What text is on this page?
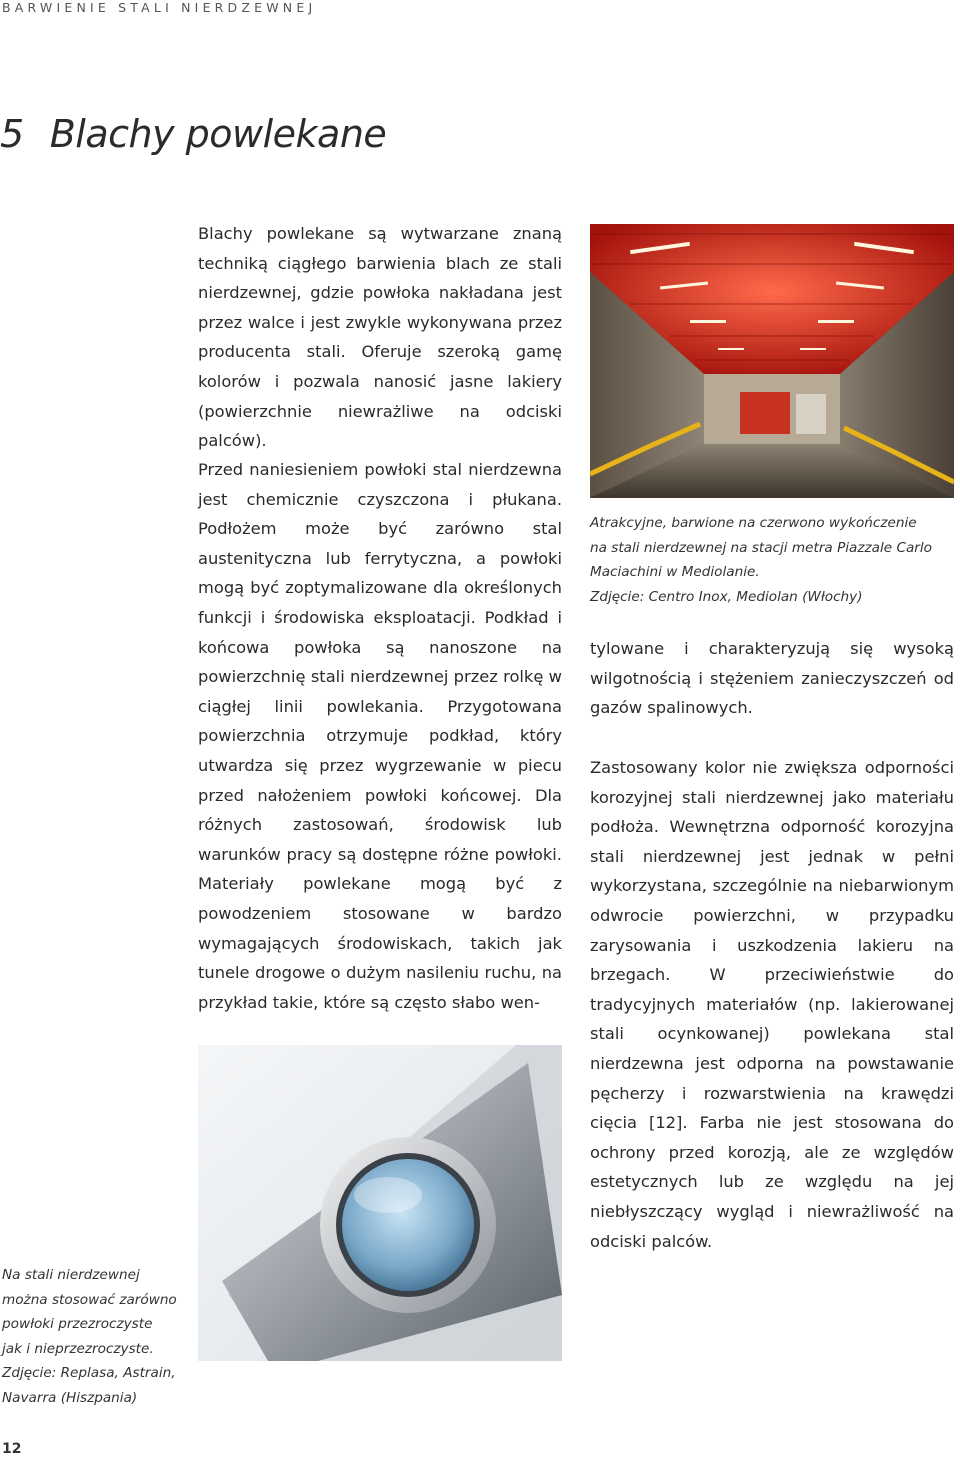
BARWIENIE STALI NIERDZEWNEJ
5 Blachy powlekane

Blachy powlekane są wytwarzane znaną techniką ciągłego barwienia blach ze stali nierdzewnej, gdzie powłoka nakładana jest przez walce i jest zwykle wykonywana przez producenta stali. Oferuje szeroką gamę kolorów i pozwala nanosić jasne lakiery (powierzchnie niewrażliwe na odciski palców).

Przed naniesieniem powłoki stal nierdzewna jest chemicznie czyszczona i płukana. Podłożem może być zarówno stal austenityczna lub ferrytyczna, a powłoki mogą być zoptymalizowane dla określonych funkcji i środowiska eksploatacji. Podkład i końcowa powłoka są nanoszone na powierzchnię stali nierdzewnej przez rolkę w ciągłej linii powlekania. Przygotowana powierzchnia otrzymuje podkład, który utwardza się przez wygrzewanie w piecu przed nałożeniem powłoki końcowej. Dla różnych zastosowań, środowisk lub warunków pracy są dostępne różne powłoki. Materiały powlekane mogą być z powodzeniem stosowane w bardzo wymagających środowiskach, takich jak tunele drogowe o dużym nasileniu ruchu, na przykład takie, które są często słabo wen-

Atrakcyjne, barwione na czerwono wykończenie
na stali nierdzewnej na stacji metra Piazzale Carlo
Maciachini w Mediolanie.
Zdjęcie: Centro Inox, Mediolan (Włochy)

tylowane i charakteryzują się wysoką wilgotnością i stężeniem zanieczyszczeń od gazów spalinowych.

Zastosowany kolor nie zwiększa odporności korozyjnej stali nierdzewnej jako materiału podłoża. Wewnętrzna odporność korozyjna stali nierdzewnej jest jednak w pełni wykorzystana, szczególnie na niebarwionym odwrocie powierzchni, w przypadku zarysowania i uszkodzenia lakieru na brzegach. W przeciwieństwie do tradycyjnych materiałów (np. lakierowanej stali ocynkowanej) powlekana stal nierdzewna jest odporna na powstawanie pęcherzy i rozwarstwienia na krawędzi cięcia [12]. Farba nie jest stosowana do ochrony przed korozją, ale ze względów estetycznych lub ze względu na jej niebłyszczący wygląd i niewrażliwość na odciski palców.

Na stali nierdzewnej
można stosować zarówno
powłoki przezroczyste
jak i nieprzezroczyste.
Zdjęcie: Replasa, Astrain,
Navarra (Hiszpania)
12
